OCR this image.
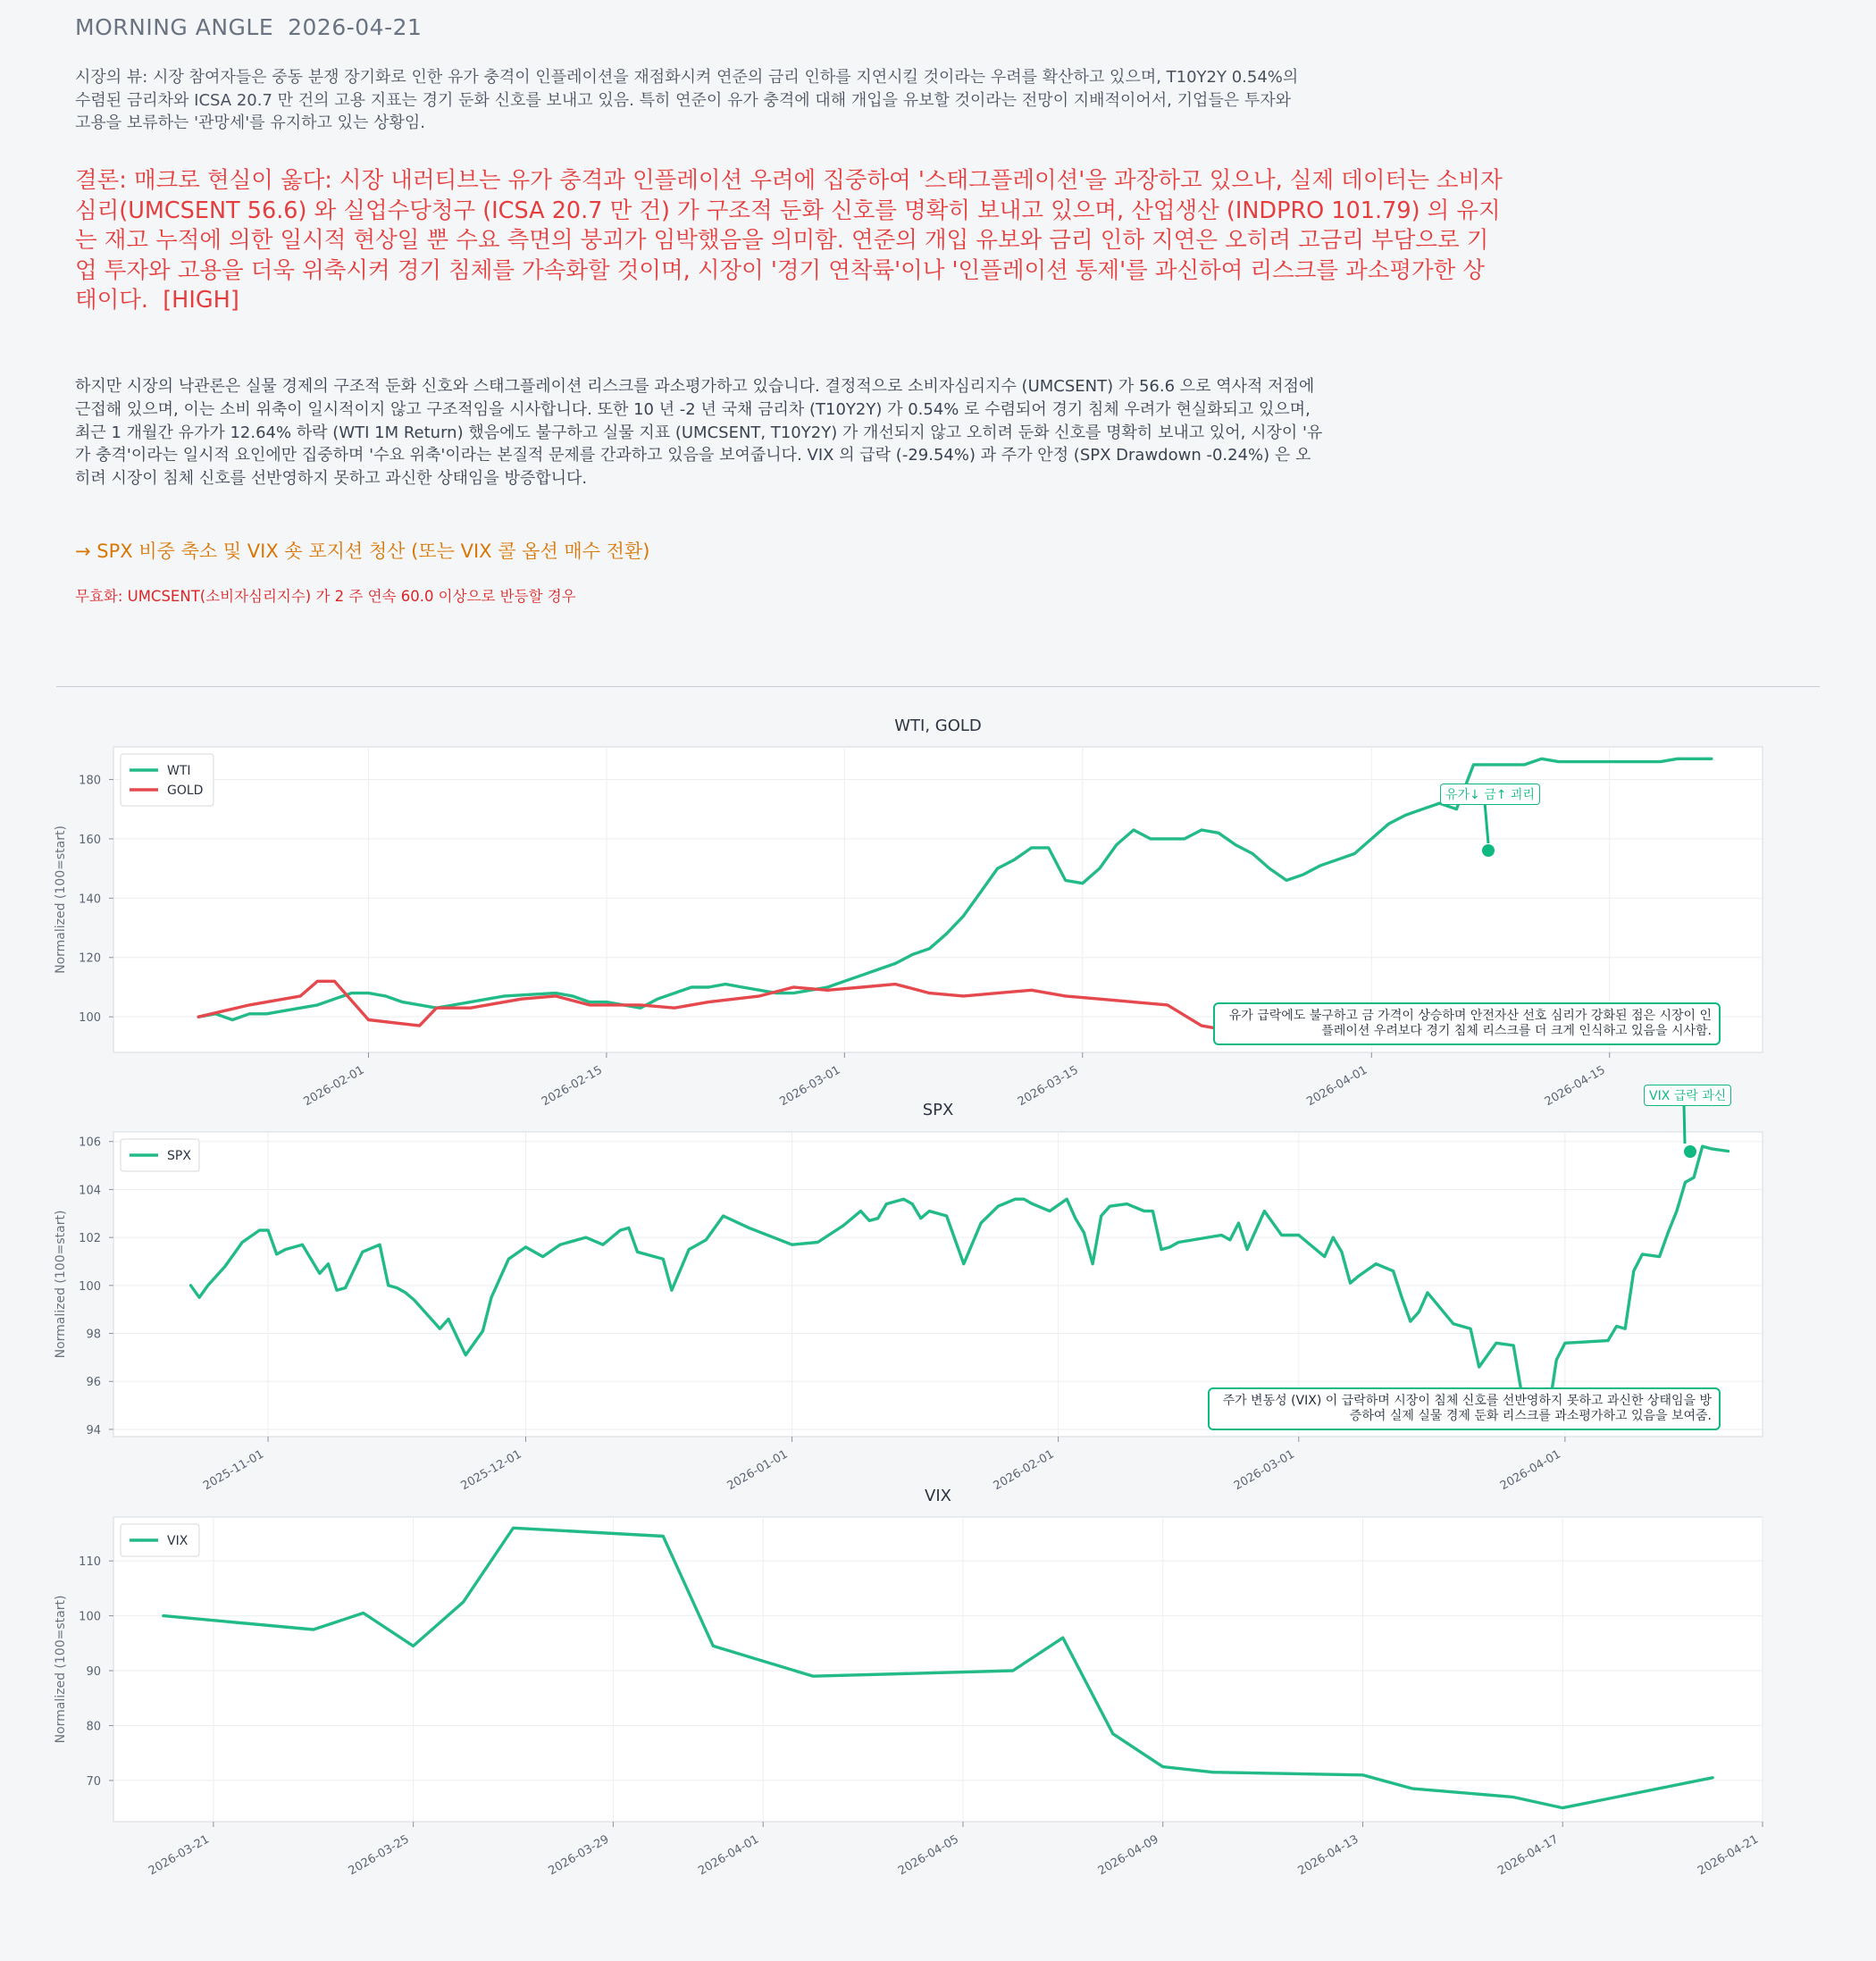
MORNING ANGLE 2026-04-21
시장의 뷰: 시장 참여자들은 중동 분쟁 장기화로 인한 유가 충격이 인플레이션을 재점화시켜 연준의 금리 인하를 지연시킬 것이라는 우려를 확산하고 있으며, T10Y2Y 0.54%의 수렴된 금리차와 ICSA 20.7 만 건의 고용 지표는 경기 둔화 신호를 보내고 있음. 특히 연준이 유가 충격에 대해 개입을 유보할 것이라는 전망이 지배적이어서, 기업들은 투자와 고용을 보류하는 '관망세'를 유지하고 있는 상황임.
결론: 매크로 현실이 옳다: 시장 내러티브는 유가 충격과 인플레이션 우려에 집중하여 '스태그플레이션'을 과장하고 있으나, 실제 데이터는 소비자심리(UMCSENT 56.6) 와 실업수당청구 (ICSA 20.7 만 건) 가 구조적 둔화 신호를 명확히 보내고 있으며, 산업생산 (INDPRO 101.79) 의 유지는 재고 누적에 의한 일시적 현상일 뿐 수요 측면의 붕괴가 임박했음을 의미함. 연준의 개입 유보와 금리 인하 지연은 오히려 고금리 부담으로 기업 투자와 고용을 더욱 위축시켜 경기 침체를 가속화할 것이며, 시장이 '경기 연착륙'이나 '인플레이션 통제'를 과신하여 리스크를 과소평가한 상태이다. [HIGH]
하지만 시장의 낙관론은 실물 경제의 구조적 둔화 신호와 스태그플레이션 리스크를 과소평가하고 있습니다. 결정적으로 소비자심리지수 (UMCSENT) 가 56.6 으로 역사적 저점에 근접해 있으며, 이는 소비 위축이 일시적이지 않고 구조적임을 시사합니다. 또한 10 년 -2 년 국채 금리차 (T10Y2Y) 가 0.54% 로 수렴되어 경기 침체 우려가 현실화되고 있으며, 최근 1 개월간 유가가 12.64% 하락 (WTI 1M Return) 했음에도 불구하고 실물 지표 (UMCSENT, T10Y2Y) 가 개선되지 않고 오히려 둔화 신호를 명확히 보내고 있어, 시장이 '유가 충격'이라는 일시적 요인에만 집중하며 '수요 위축'이라는 본질적 문제를 간과하고 있음을 보여줍니다. VIX 의 급락 (-29.54%) 과 주가 안정 (SPX Drawdown -0.24%) 은 오히려 시장이 침체 신호를 선반영하지 못하고 과신한 상태임을 방증합니다.
→ SPX 비중 축소 및 VIX 숏 포지션 청산 (또는 VIX 콜 옵션 매수 전환)
무효화: UMCSENT(소비자심리지수) 가 2 주 연속 60.0 이상으로 반등할 경우
100
120
140
160
180
2026-02-01	2026-02-15	2026-03-01	2026-03-15	2026-04-01	2026-04-15
WTI, GOLD
Normalized (100=start)
WTI
GOLD
94
96
98
100
102
104
106
2025-11-01	2025-12-01	2026-01-01	2026-02-01	2026-03-01	2026-04-01
SPX
Normalized (100=start)
SPX
70
80
90
100
110
2026-03-21	2026-03-25	2026-03-29	2026-04-01	2026-04-05	2026-04-09	2026-04-13	2026-04-17	2026-04-21
VIX
Normalized (100=start)
VIX
유가↓ 금↑ 괴리
유가 급락에도 불구하고 금 가격이 상승하며 안전자산 선호 심리가 강화된 점은 시장이 인플레이션 우려보다 경기 침체 리스크를 더 크게 인식하고 있음을 시사함.
VIX 급락 과신
주가 변동성 (VIX) 이 급락하며 시장이 침체 신호를 선반영하지 못하고 과신한 상태임을 방증하여 실제 실물 경제 둔화 리스크를 과소평가하고 있음을 보여줌.
